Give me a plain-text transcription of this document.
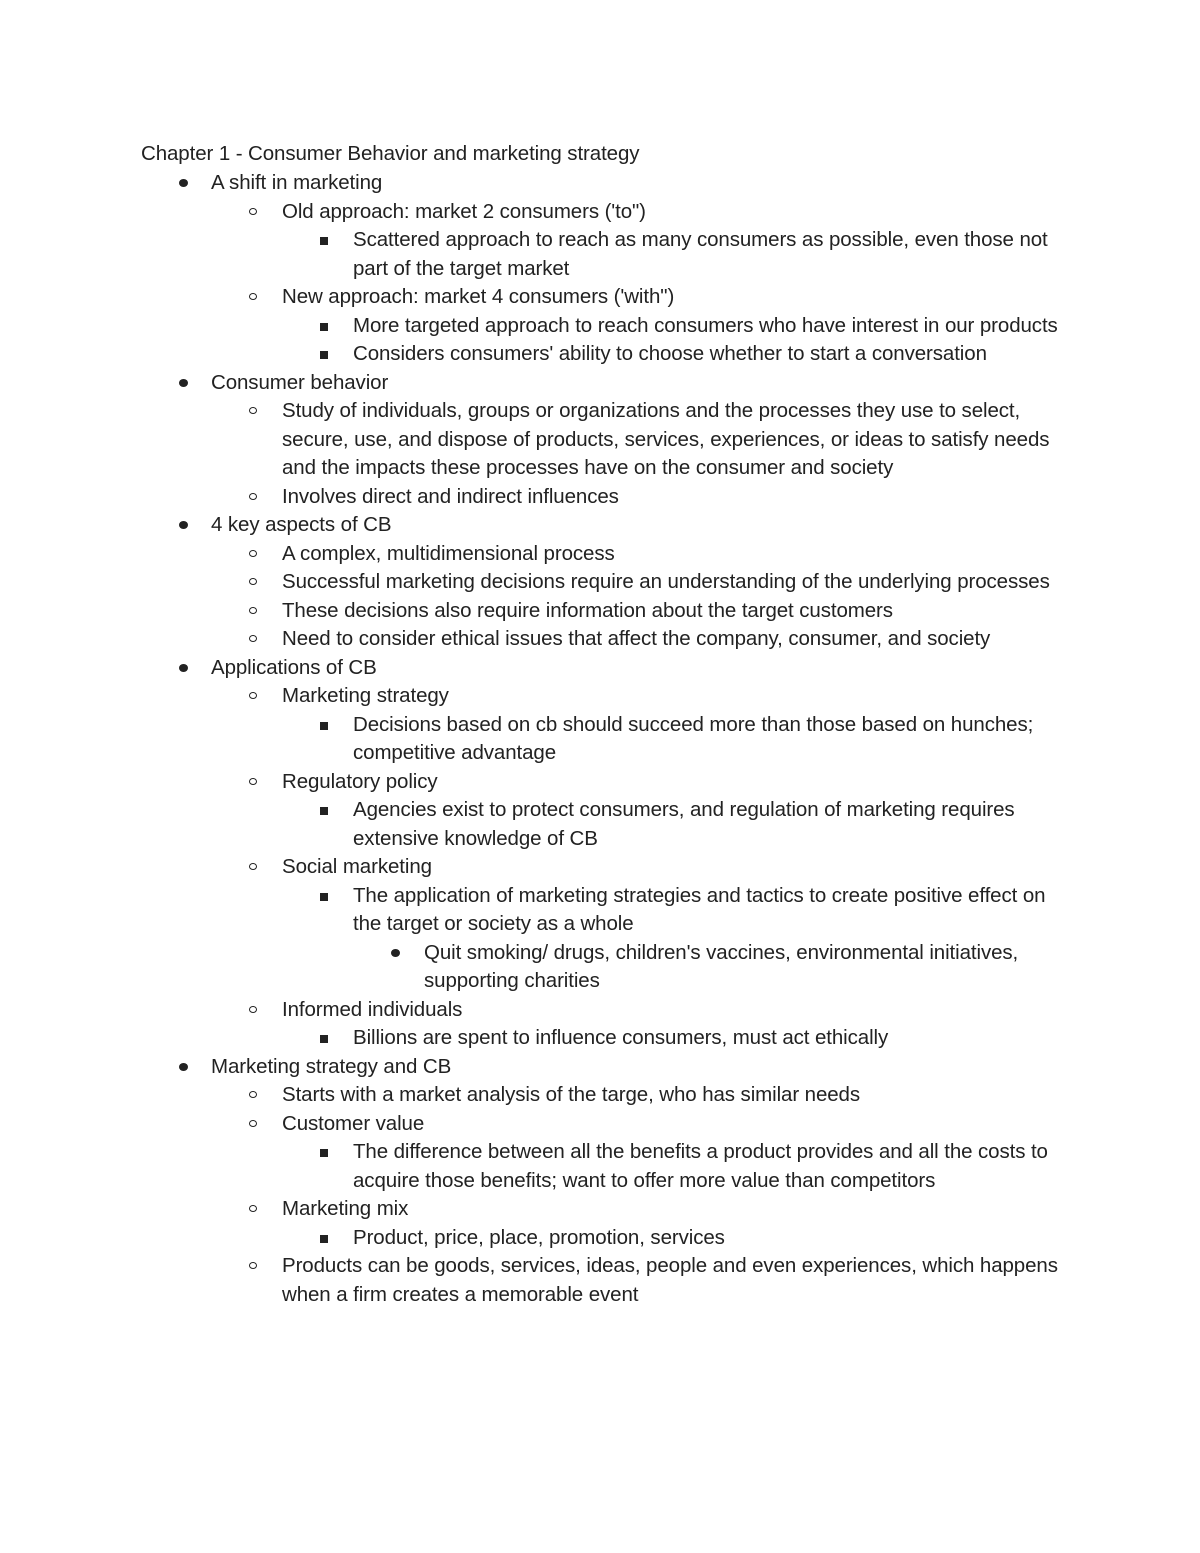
Chapter 1 - Consumer Behavior and marketing strategy
A shift in marketing
Old approach: market 2 consumers ('to")
Scattered approach to reach as many consumers as possible, even those not part of the target market
New approach: market 4 consumers ('with")
More targeted approach to reach consumers who have interest in our products
Considers consumers' ability to choose whether to start a conversation
Consumer behavior
Study of individuals, groups or organizations and the processes they use to select, secure, use, and dispose of products, services, experiences, or ideas to satisfy needs and the impacts these processes have on the consumer and society
Involves direct and indirect influences
4 key aspects of CB
A complex, multidimensional process
Successful marketing decisions require an understanding of the underlying processes
These decisions also require information about the target customers
Need to consider ethical issues that affect the company, consumer, and society
Applications of CB
Marketing strategy
Decisions based on cb should succeed more than those based on hunches; competitive advantage
Regulatory policy
Agencies exist to protect consumers, and regulation of marketing requires extensive knowledge of CB
Social marketing
The application of marketing strategies and tactics to create positive effect on the target or society as a whole
Quit smoking/ drugs, children's vaccines, environmental initiatives, supporting charities
Informed individuals
Billions are spent to influence consumers, must act ethically
Marketing strategy and CB
Starts with a market analysis of the targe, who has similar needs
Customer value
The difference between all the benefits a product provides and all the costs to acquire those benefits; want to offer more value than competitors
Marketing mix
Product, price, place, promotion, services
Products can be goods, services, ideas, people and even experiences, which happens when a firm creates a memorable event
